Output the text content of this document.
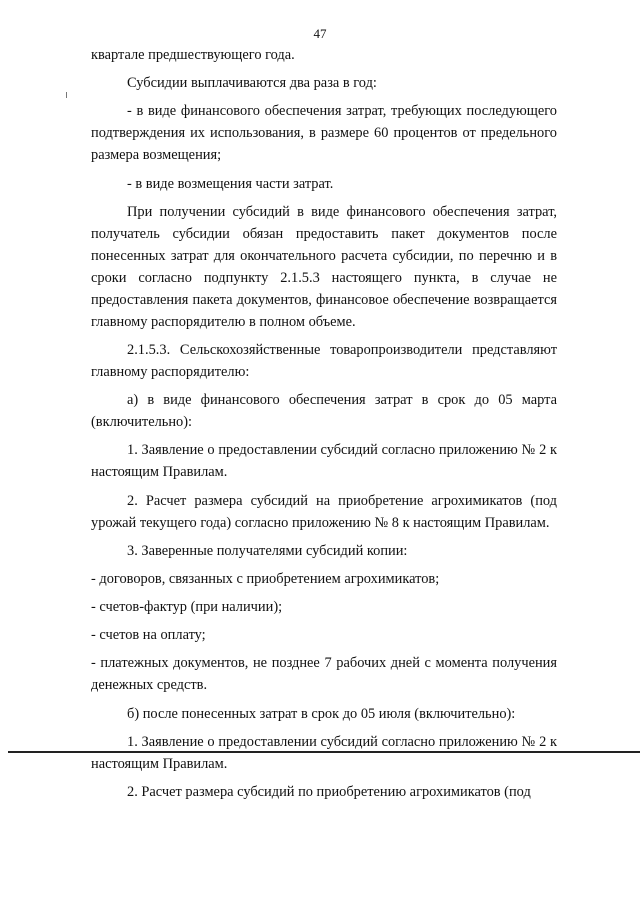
47

кварталe предшествующего года.

Субсидии выплачиваются два раза в год:

- в виде финансового обеспечения затрат, требующих последующего подтверждения их использования, в размере 60 процентов от предельного размера возмещения;

- в виде возмещения части затрат.

При получении субсидий в виде финансового обеспечения затрат, получатель субсидии обязан предоставить пакет документов после понесенных затрат для окончательного расчета субсидии, по перечню и в сроки согласно подпункту 2.1.5.3 настоящего пункта, в случае не предоставления пакета документов, финансовое обеспечение возвращается главному распорядителю в полном объеме.

2.1.5.3. Сельскохозяйственные товаропроизводители представляют главному распорядителю:

а) в виде финансового обеспечения затрат в срок до 05 марта (включительно):

1. Заявление о предоставлении субсидий согласно приложению № 2 к настоящим Правилам.

2. Расчет размера субсидий на приобретение агрохимикатов (под урожай текущего года) согласно приложению № 8 к настоящим Правилам.

3. Заверенные получателями субсидий копии:

- договоров, связанных с приобретением агрохимикатов;

- счетов-фактур (при наличии);

- счетов на оплату;

- платежных документов, не позднее 7 рабочих дней с момента получения денежных средств.

б) после понесенных затрат в срок до 05 июля (включительно):

1. Заявление о предоставлении субсидий согласно приложению № 2 к настоящим Правилам.

2. Расчет размера субсидий по приобретению агрохимикатов (под
